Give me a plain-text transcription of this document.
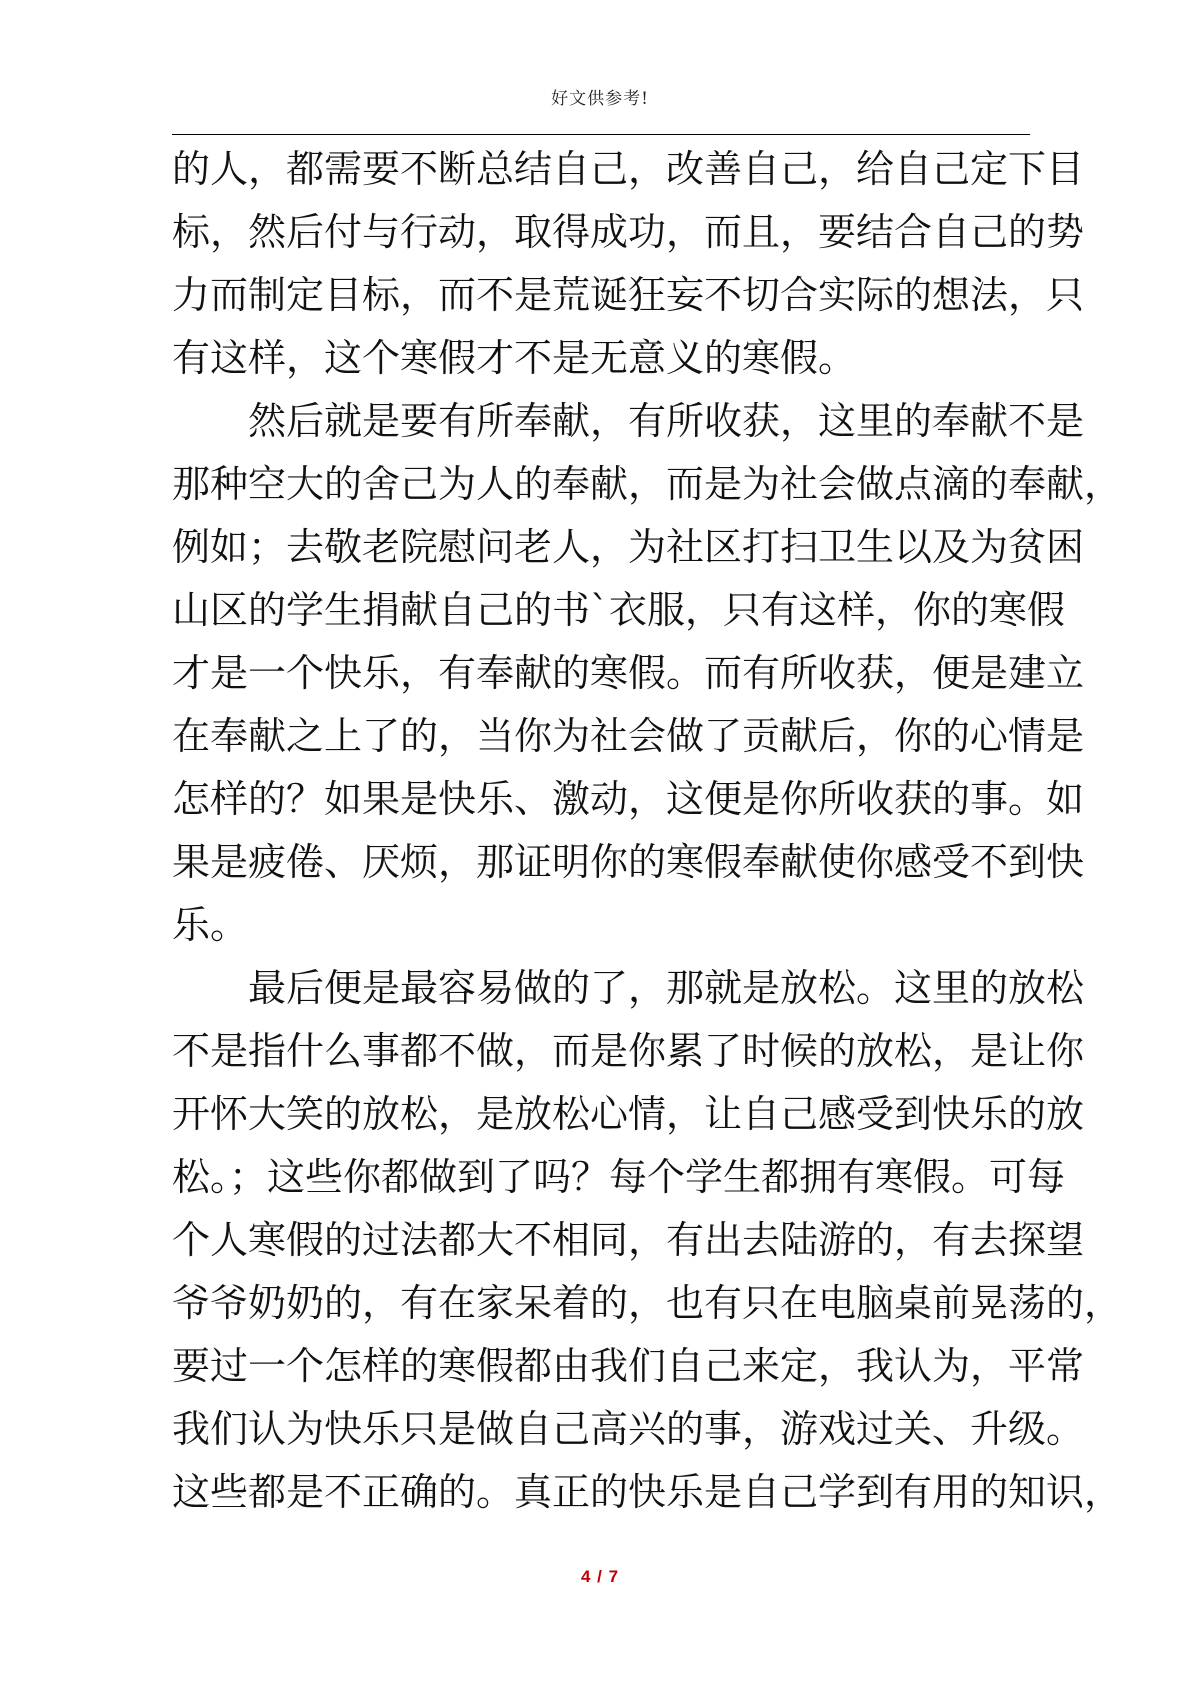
好文供参考!
的人，都需要不断总结自己，改善自己，给自己定下目
标，然后付与行动，取得成功，而且，要结合自己的势
力而制定目标，而不是荒诞狂妄不切合实际的想法，只
有这样，这个寒假才不是无意义的寒假。
然后就是要有所奉献，有所收获，这里的奉献不是
那种空大的舍己为人的奉献，而是为社会做点滴的奉献，
例如；去敬老院慰问老人，为社区打扫卫生以及为贫困
山区的学生捐献自己的书`衣服，只有这样，你的寒假
才是一个快乐，有奉献的寒假。而有所收获，便是建立
在奉献之上了的，当你为社会做了贡献后，你的心情是
怎样的？如果是快乐、激动，这便是你所收获的事。如
果是疲倦、厌烦，那证明你的寒假奉献使你感受不到快
乐。
最后便是最容易做的了，那就是放松。这里的放松
不是指什么事都不做，而是你累了时候的放松，是让你
开怀大笑的放松，是放松心情，让自己感受到快乐的放
松。；这些你都做到了吗？每个学生都拥有寒假。可每
个人寒假的过法都大不相同，有出去陆游的，有去探望
爷爷奶奶的，有在家呆着的，也有只在电脑桌前晃荡的，
要过一个怎样的寒假都由我们自己来定，我认为，平常
我们认为快乐只是做自己高兴的事，游戏过关、升级。
这些都是不正确的。真正的快乐是自己学到有用的知识，
4 / 7
